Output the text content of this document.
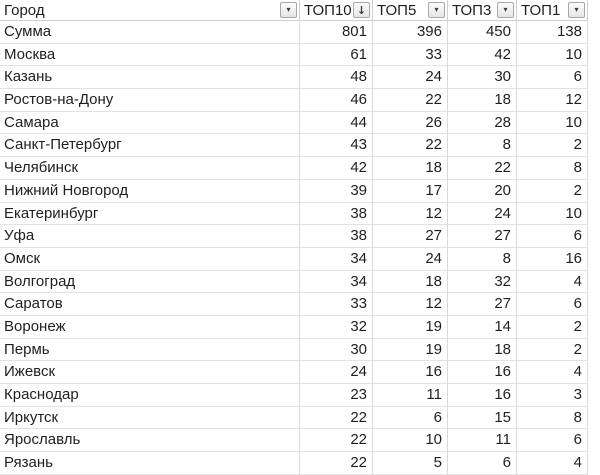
Город	▾ ТОП10 ↓ ТОП5 ▾ ТОП3 ▾ ТОП1 ▾
Сумма	801	396	450	138
Москва	61	33	42	10
Казань	48	24	30	6
Ростов-на-Дону	46	22	18	12
Самара	44	26	28	10
Санкт-Петербург	43	22	8	2
Челябинск	42	18	22	8
Нижний Новгород	39	17	20	2
Екатеринбург	38	12	24	10
Уфа	38	27	27	6
Омск	34	24	8	16
Волгоград	34	18	32	4
Саратов	33	12	27	6
Воронеж	32	19	14	2
Пермь	30	19	18	2
Ижевск	24	16	16	4
Краснодар	23	11	16	3
Иркутск	22	6	15	8
Ярославль	22	10	11	6
Рязань	22	5	6	4
